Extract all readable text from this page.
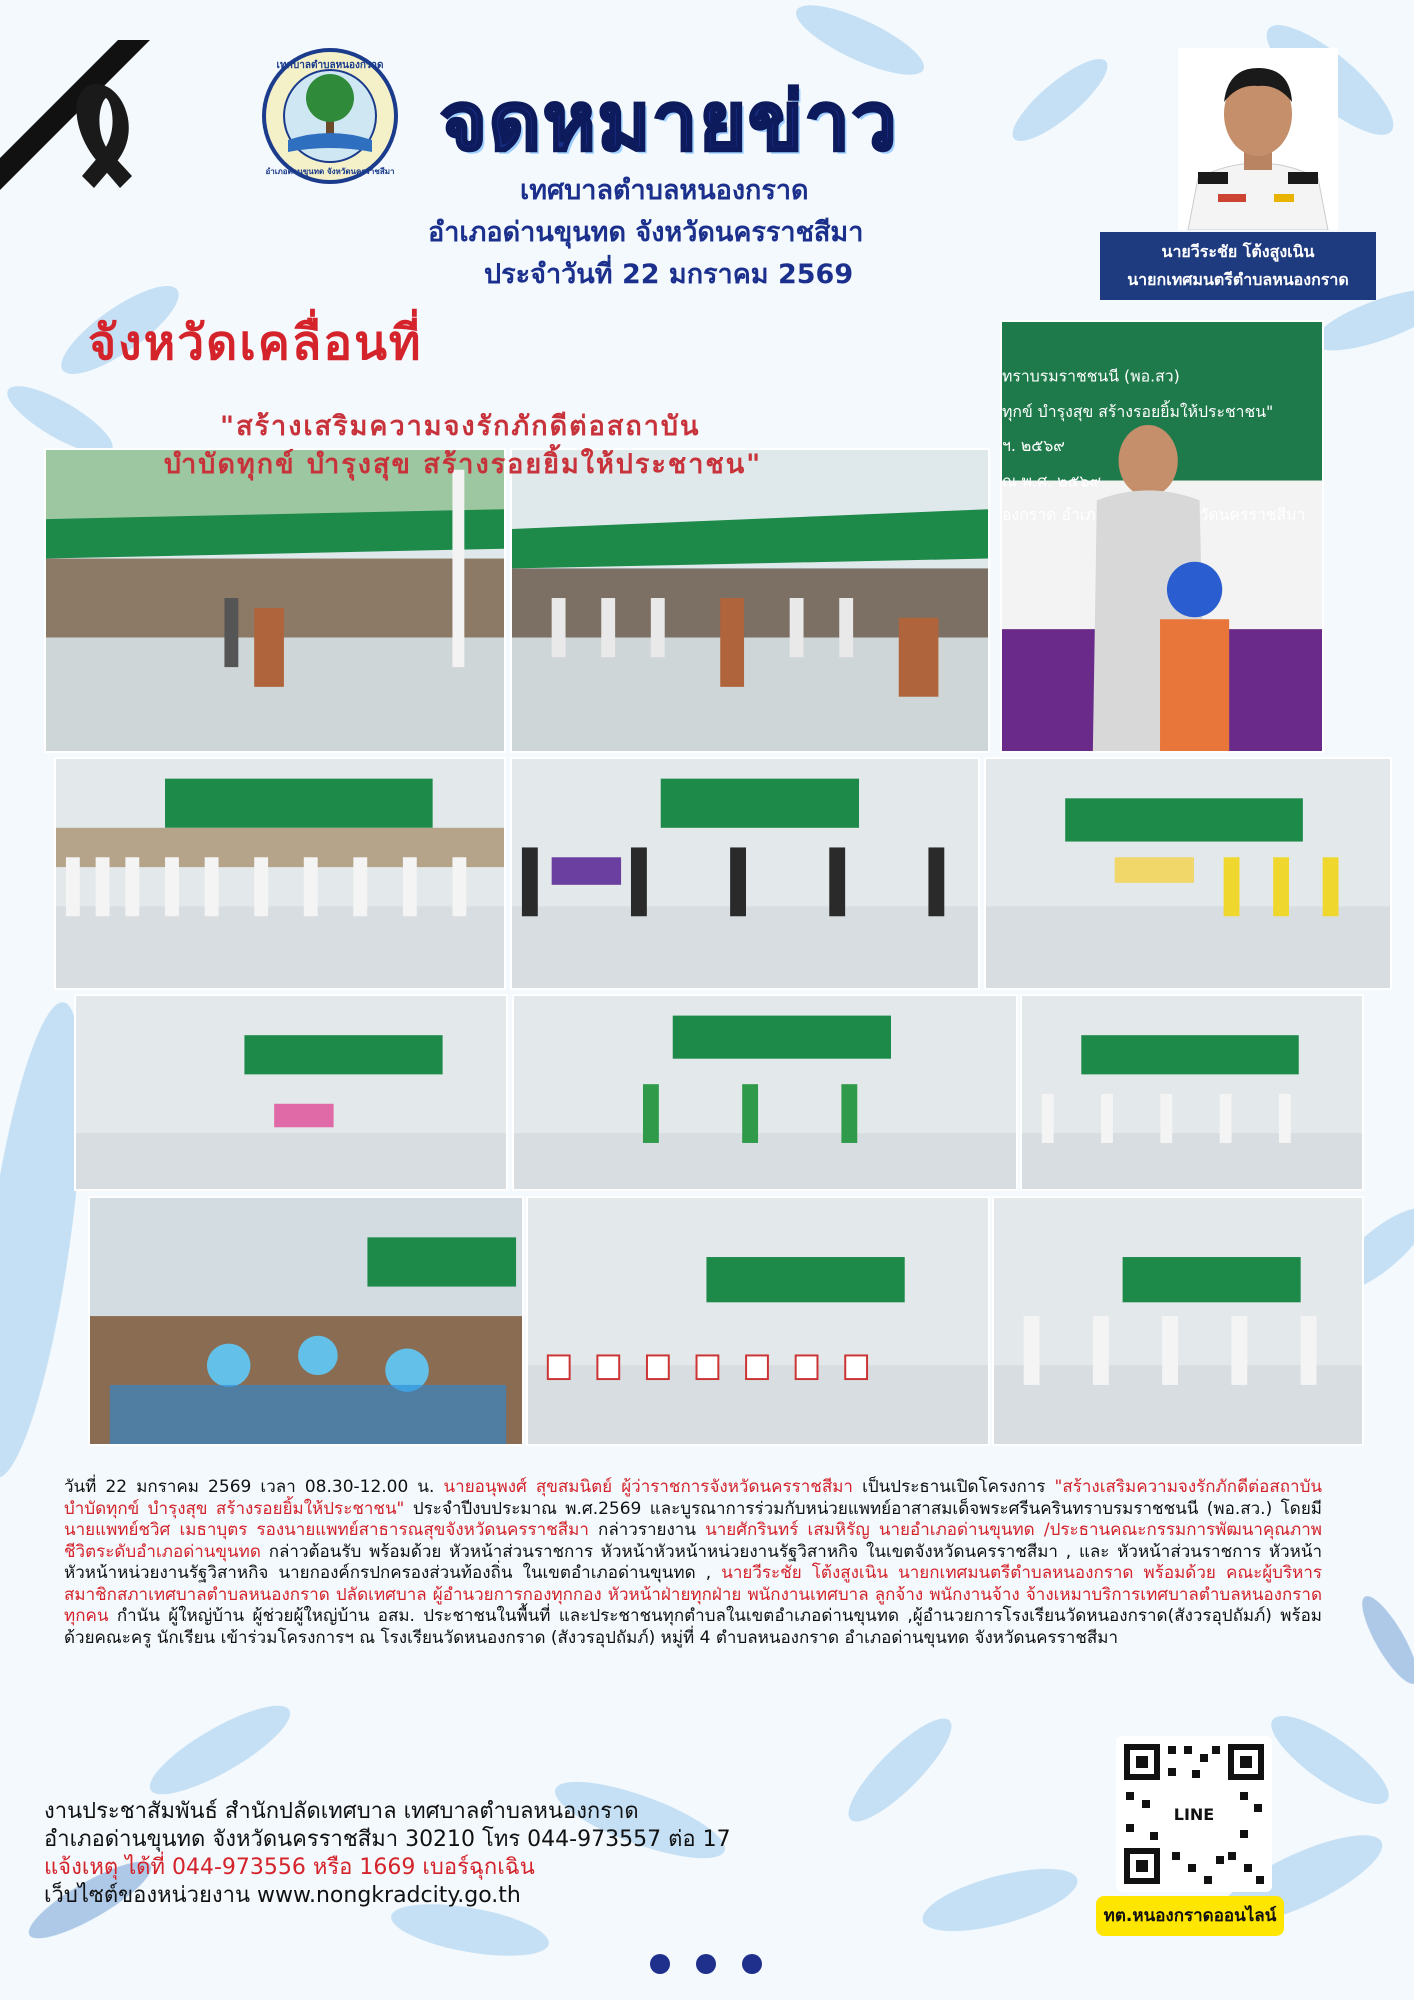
เทศบาลตำบลหนองกราด
อำเภอด่านขุนทด จังหวัดนครราชสีมา
จดหมายข่าว
เทศบาลตำบลหนองกราด
อำเภอด่านขุนทด จังหวัดนครราชสีมา
ประจำวันที่ 22 มกราคม 2569
นายวีระชัย โต้งสูงเนิน
นายกเทศมนตรีตำบลหนองกราด
จังหวัดเคลื่อนที่
ทราบรมราชชนนี (พอ.สว)
ทุกข์ บำรุงสุข สร้างรอยยิ้มให้ประชาชน"
ฯ. ๒๕๖๙
ณ พ.ศ. ๒๕๖๙
องกราด อำเภ	วัดนครราชสีมา
"สร้างเสริมความจงรักภักดีต่อสถาบัน
บำบัดทุกข์ บำรุงสุข สร้างรอยยิ้มให้ประชาชน"
วันที่ 22 มกราคม 2569 เวลา 08.30-12.00 น. นายอนุพงศ์ สุขสมนิตย์ ผู้ว่าราชการจังหวัดนครราชสีมา เป็นประธานเปิดโครงการ "สร้างเสริมความจงรักภักดีต่อสถาบัน บำบัดทุกข์ บำรุงสุข สร้างรอยยิ้มให้ประชาชน" ประจำปีงบประมาณ พ.ศ.2569 และบูรณาการร่วมกับหน่วยแพทย์อาสาสมเด็จพระศรีนครินทราบรมราชชนนี (พอ.สว.) โดยมี นายแพทย์ชวิศ เมธาบุตร รองนายแพทย์สาธารณสุขจังหวัดนครราชสีมา กล่าวรายงาน นายศักรินทร์ เสมหิรัญ นายอำเภอด่านขุนทด /ประธานคณะกรรมการพัฒนาคุณภาพชีวิตระดับอำเภอด่านขุนทด กล่าวต้อนรับ พร้อมด้วย หัวหน้าส่วนราชการ หัวหน้าหัวหน้าหน่วยงานรัฐวิสาหกิจ ในเขตจังหวัดนครราชสีมา , และ หัวหน้าส่วนราชการ หัวหน้าหัวหน้าหน่วยงานรัฐวิสาหกิจ นายกองค์กรปกครองส่วนท้องถิ่น ในเขตอำเภอด่านขุนทด , นายวีระชัย โต้งสูงเนิน นายกเทศมนตรีตำบลหนองกราด พร้อมด้วย คณะผู้บริหาร สมาชิกสภาเทศบาลตำบลหนองกราด ปลัดเทศบาล ผู้อำนวยการกองทุกกอง หัวหน้าฝ่ายทุกฝ่าย พนักงานเทศบาล ลูกจ้าง พนักงานจ้าง จ้างเหมาบริการเทศบาลตำบลหนองกราดทุกคน กำนัน ผู้ใหญ่บ้าน ผู้ช่วยผู้ใหญ่บ้าน อสม. ประชาชนในพื้นที่ และประชาชนทุกตำบลในเขตอำเภอด่านขุนทด ,ผู้อำนวยการโรงเรียนวัดหนองกราด(สังวรอุปถัมภ์) พร้อมด้วยคณะครู นักเรียน เข้าร่วมโครงการฯ ณ โรงเรียนวัดหนองกราด (สังวรอุปถัมภ์) หมู่ที่ 4 ตำบลหนองกราด อำเภอด่านขุนทด จังหวัดนครราชสีมา
งานประชาสัมพันธ์ สำนักปลัดเทศบาล เทศบาลตำบลหนองกราด
อำเภอด่านขุนทด จังหวัดนครราชสีมา 30210 โทร 044-973557 ต่อ 17
แจ้งเหตุ ได้ที่ 044-973556 หรือ 1669 เบอร์ฉุกเฉิน
เว็บไซต์ของหน่วยงาน www.nongkradcity.go.th
LINE
ทต.หนองกราดออนไลน์
